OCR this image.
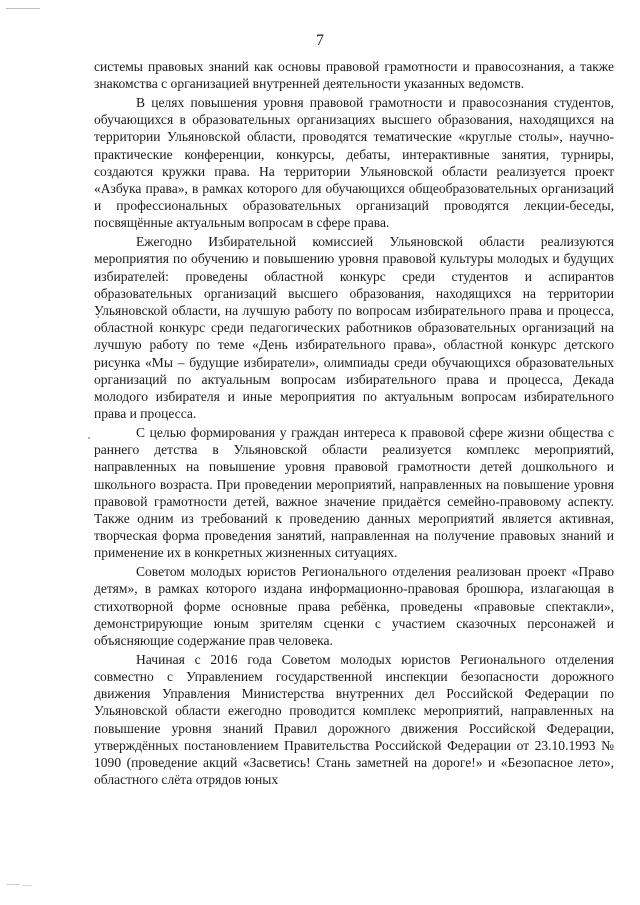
7

системы правовых знаний как основы правовой грамотности и правосознания, а также знакомства с организацией внутренней деятельности указанных ведомств.

В целях повышения уровня правовой грамотности и правосознания студентов, обучающихся в образовательных организациях высшего образования, находящихся на территории Ульяновской области, проводятся тематические «круглые столы», научно-практические конференции, конкурсы, дебаты, интерактивные занятия, турниры, создаются кружки права. На территории Ульяновской области реализуется проект «Азбука права», в рамках которого для обучающихся общеобразовательных организаций и профессиональных образовательных организаций проводятся лекции-беседы, посвящённые актуальным вопросам в сфере права.

Ежегодно Избирательной комиссией Ульяновской области реализуются мероприятия по обучению и повышению уровня правовой культуры молодых и будущих избирателей: проведены областной конкурс среди студентов и аспирантов образовательных организаций высшего образования, находящихся на территории Ульяновской области, на лучшую работу по вопросам избирательного права и процесса, областной конкурс среди педагогических работников образовательных организаций на лучшую работу по теме «День избирательного права», областной конкурс детского рисунка «Мы – будущие избиратели», олимпиады среди обучающихся образовательных организаций по актуальным вопросам избирательного права и процесса, Декада молодого избирателя и иные мероприятия по актуальным вопросам избирательного права и процесса.

С целью формирования у граждан интереса к правовой сфере жизни общества с раннего детства в Ульяновской области реализуется комплекс мероприятий, направленных на повышение уровня правовой грамотности детей дошкольного и школьного возраста. При проведении мероприятий, направленных на повышение уровня правовой грамотности детей, важное значение придаётся семейно-правовому аспекту. Также одним из требований к проведению данных мероприятий является активная, творческая форма проведения занятий, направленная на получение правовых знаний и применение их в конкретных жизненных ситуациях.

Советом молодых юристов Регионального отделения реализован проект «Право детям», в рамках которого издана информационно-правовая брошюра, излагающая в стихотворной форме основные права ребёнка, проведены «правовые спектакли», демонстрирующие юным зрителям сценки с участием сказочных персонажей и объясняющие содержание прав человека.

Начиная с 2016 года Советом молодых юристов Регионального отделения совместно с Управлением государственной инспекции безопасности дорожного движения Управления Министерства внутренних дел Российской Федерации по Ульяновской области ежегодно проводится комплекс мероприятий, направленных на повышение уровня знаний Правил дорожного движения Российской Федерации, утверждённых постановлением Правительства Российской Федерации от 23.10.1993 № 1090 (проведение акций «Засветись! Стань заметней на дороге!» и «Безопасное лето», областного слёта отрядов юных
